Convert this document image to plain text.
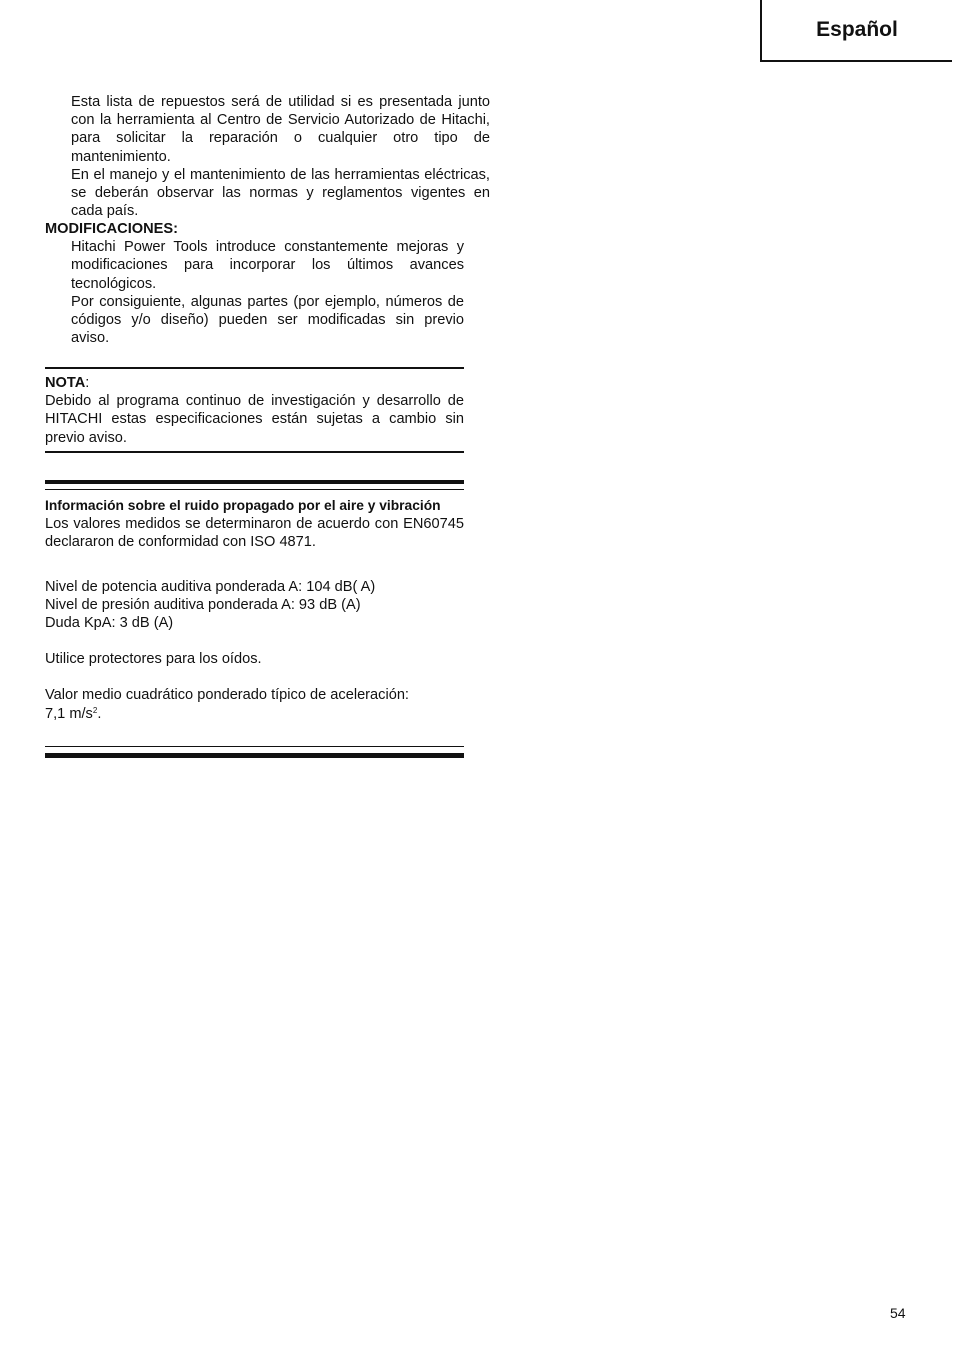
Español

Esta lista de repuestos será de utilidad si es presentada junto con la herramienta al Centro de Servicio Autorizado de Hitachi, para solicitar la reparación o cualquier otro tipo de mantenimiento.

En el manejo y el mantenimiento de las herramientas eléctricas, se deberán observar las normas y reglamentos vigentes en cada país.

MODIFICACIONES:

Hitachi Power Tools introduce constantemente mejoras y modificaciones para incorporar los últimos avances tecnológicos.

Por consiguiente, algunas partes (por ejemplo, números de códigos y/o diseño) pueden ser modificadas sin previo aviso.

NOTA:

Debido al programa continuo de investigación y desarrollo de HITACHI estas especificaciones están sujetas a cambio sin previo aviso.

Información sobre el ruido propagado por el aire y vibración

Los valores medidos se determinaron de acuerdo con EN60745 declararon de conformidad con ISO 4871.

Nivel de potencia auditiva ponderada A: 104 dB( A)

Nivel de presión auditiva ponderada A: 93 dB (A)

Duda KpA: 3 dB (A)

Utilice protectores para los oídos.

Valor medio cuadrático ponderado típico de aceleración:

7,1 $m/s^2$.

54
